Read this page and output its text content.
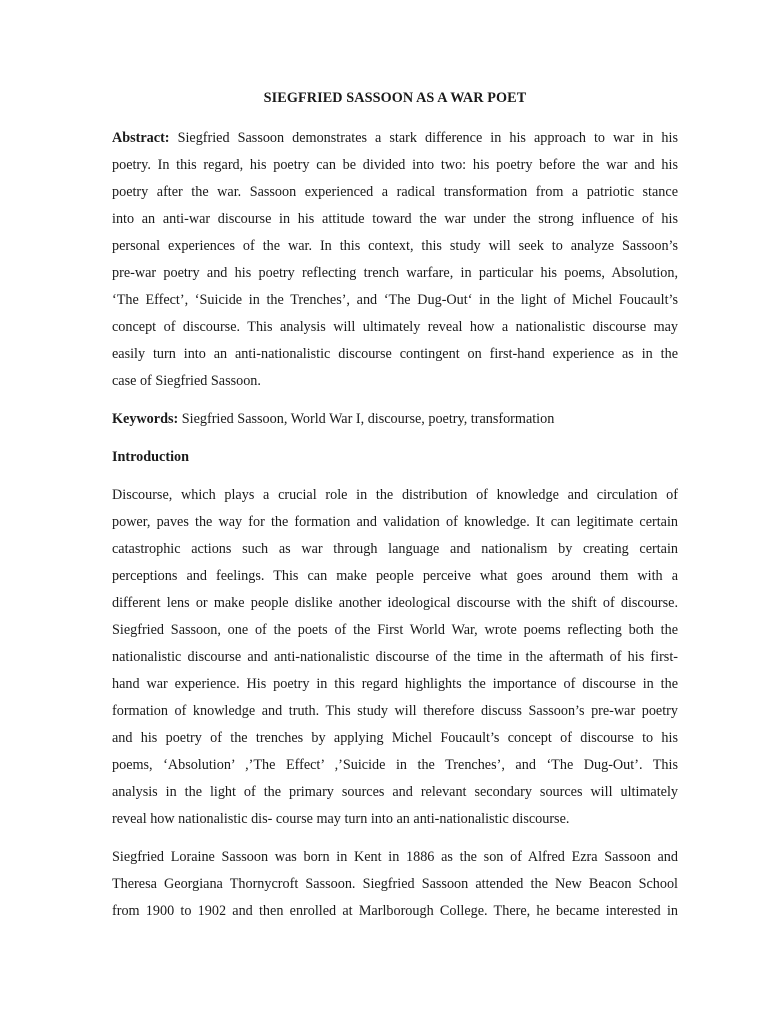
SIEGFRIED SASSOON AS A WAR POET
Abstract: Siegfried Sassoon demonstrates a stark difference in his approach to war in his
poetry. In this regard, his poetry can be divided into two: his poetry before the war and his
poetry after the war. Sassoon experienced a radical transformation from a patriotic stance
into an anti-war discourse in his attitude toward the war under the strong influence of his
personal experiences of the war. In this context, this study will seek to analyze Sassoon’s
pre-war poetry and his poetry reflecting trench warfare, in particular his poems, Absolution,
‘The Effect’, ‘Suicide in the Trenches’, and ‘The Dug-Out‘ in the light of Michel Foucault’s
concept of discourse. This analysis will ultimately reveal how a nationalistic discourse may
easily turn into an anti-nationalistic discourse contingent on first-hand experience as in the
case of Siegfried Sassoon.
Keywords: Siegfried Sassoon, World War I, discourse, poetry, transformation
Introduction
Discourse, which plays a crucial role in the distribution of knowledge and circulation of
power, paves the way for the formation and validation of knowledge. It can legitimate certain
catastrophic actions such as war through language and nationalism by creating certain
perceptions and feelings. This can make people perceive what goes around them with a
different lens or make people dislike another ideological discourse with the shift of discourse.
Siegfried Sassoon, one of the poets of the First World War, wrote poems reflecting both the
nationalistic discourse and anti-nationalistic discourse of the time in the aftermath of his first-
hand war experience. His poetry in this regard highlights the importance of discourse in the
formation of knowledge and truth. This study will therefore discuss Sassoon’s pre-war poetry
and his poetry of the trenches by applying Michel Foucault’s concept of discourse to his
poems, ‘Absolution’ ,’The Effect’ ,’Suicide in the Trenches’, and ‘The Dug-Out’. This
analysis in the light of the primary sources and relevant secondary sources will ultimately
reveal how nationalistic dis- course may turn into an anti-nationalistic discourse.
Siegfried Loraine Sassoon was born in Kent in 1886 as the son of Alfred Ezra Sassoon and
Theresa Georgiana Thornycroft Sassoon. Siegfried Sassoon attended the New Beacon School
from 1900 to 1902 and then enrolled at Marlborough College. There, he became interested in
